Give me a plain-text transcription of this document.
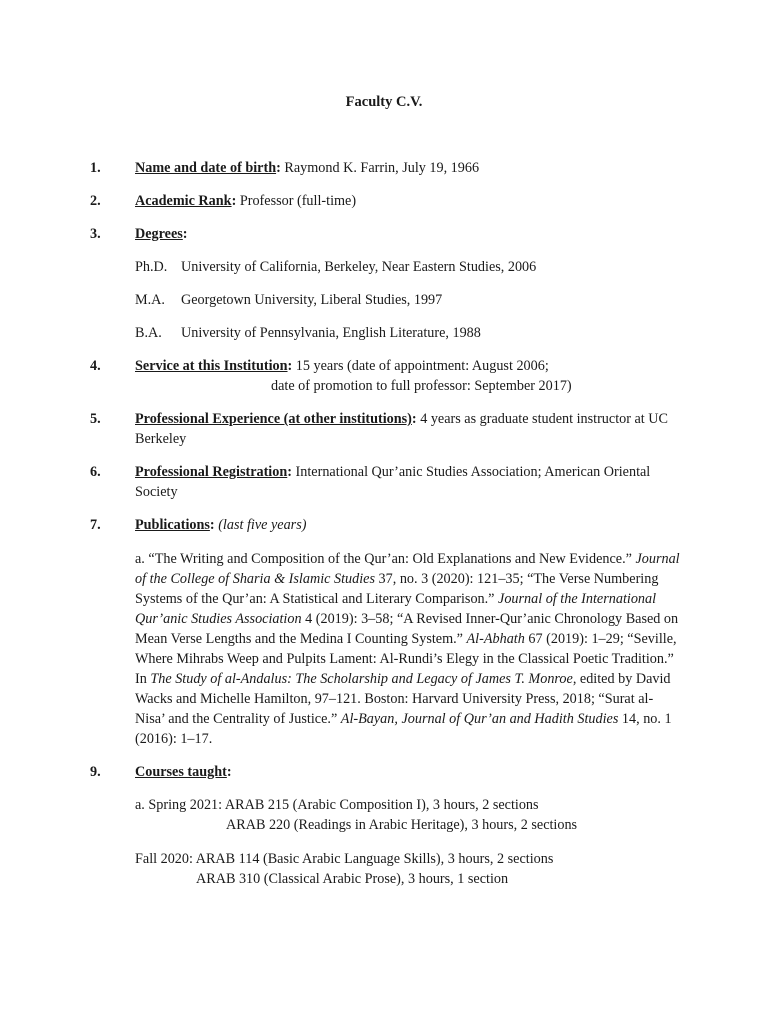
Faculty C.V.
1.	Name and date of birth: Raymond K. Farrin, July 19, 1966
2.	Academic Rank: Professor (full-time)
3.	Degrees:
Ph.D. University of California, Berkeley, Near Eastern Studies, 2006
M.A. Georgetown University, Liberal Studies, 1997
B.A. University of Pennsylvania, English Literature, 1988
4.	Service at this Institution: 15 years (date of appointment: August 2006;
date of promotion to full professor: September 2017)
5.	Professional Experience (at other institutions): 4 years as graduate student instructor at UC Berkeley
6.	Professional Registration: International Qur’anic Studies Association; American Oriental Society
7.	Publications: (last five years)
a. “The Writing and Composition of the Qur’an: Old Explanations and New Evidence.” Journal of the College of Sharia & Islamic Studies 37, no. 3 (2020): 121–35; “The Verse Numbering Systems of the Qur’an: A Statistical and Literary Comparison.” Journal of the International Qur’anic Studies Association 4 (2019): 3–58; “A Revised Inner-Qur’anic Chronology Based on Mean Verse Lengths and the Medina I Counting System.” Al-Abhath 67 (2019): 1–29; “Seville, Where Mihrabs Weep and Pulpits Lament: Al-Rundi’s Elegy in the Classical Poetic Tradition.” In The Study of al-Andalus: The Scholarship and Legacy of James T. Monroe, edited by David Wacks and Michelle Hamilton, 97–121. Boston: Harvard University Press, 2018; “Surat al-Nisa’ and the Centrality of Justice.” Al-Bayan, Journal of Qur’an and Hadith Studies 14, no. 1 (2016): 1–17.
9.	Courses taught:
a. Spring 2021: ARAB 215 (Arabic Composition I), 3 hours, 2 sections
ARAB 220 (Readings in Arabic Heritage), 3 hours, 2 sections
Fall 2020: ARAB 114 (Basic Arabic Language Skills), 3 hours, 2 sections
ARAB 310 (Classical Arabic Prose), 3 hours, 1 section
